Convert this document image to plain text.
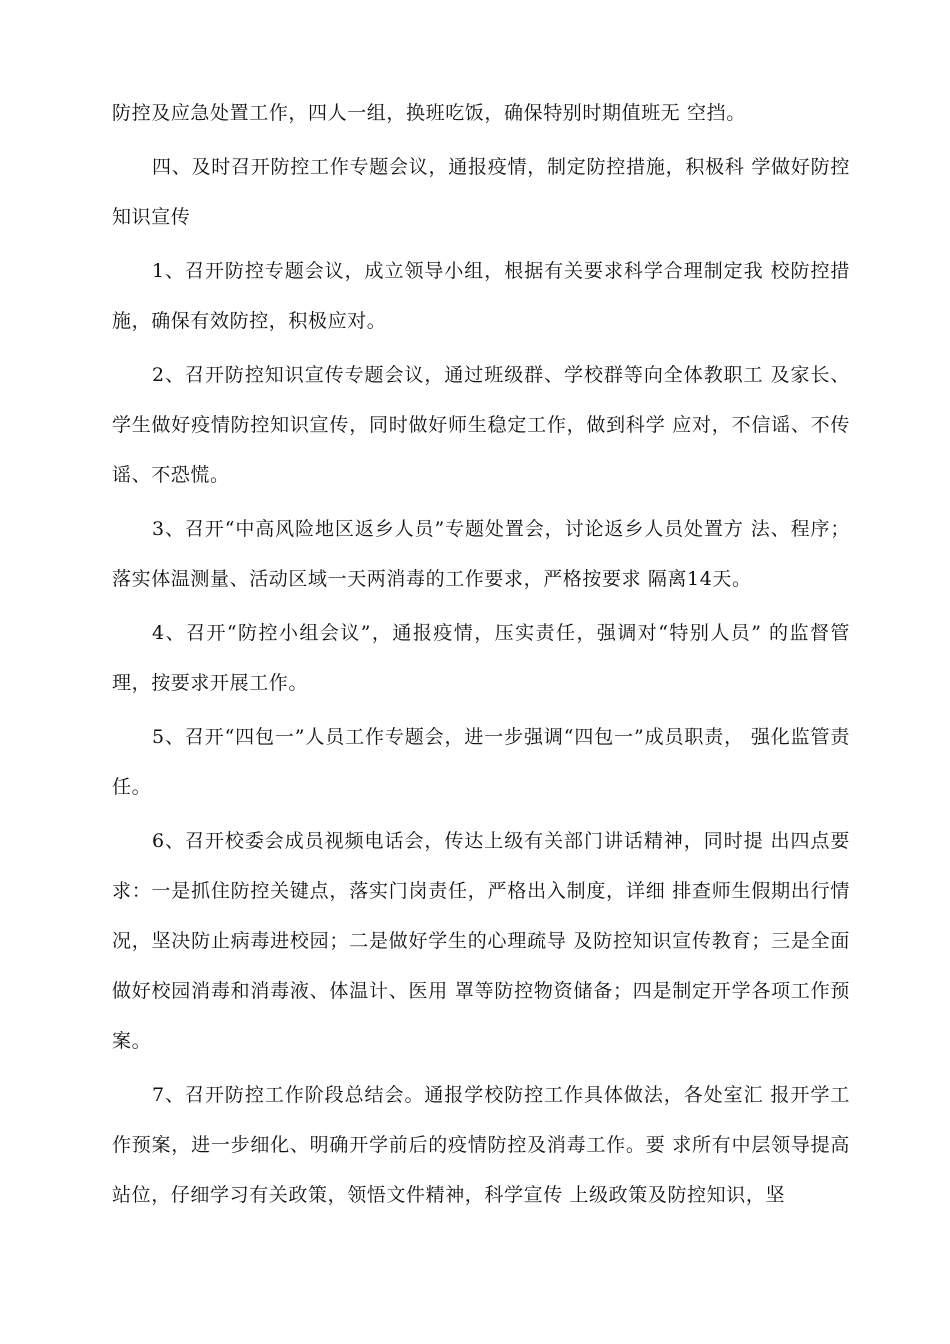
防控及应急处置工作，四人一组，换班吃饭，确保特别时期值班无 空挡。

四、及时召开防控工作专题会议，通报疫情，制定防控措施，积极科 学做好防控知识宣传

1、召开防控专题会议，成立领导小组，根据有关要求科学合理制定我 校防控措施，确保有效防控，积极应对。

2、召开防控知识宣传专题会议，通过班级群、学校群等向全体教职工 及家长、学生做好疫情防控知识宣传，同时做好师生稳定工作，做到科学 应对，不信谣、不传谣、不恐慌。

3、召开“中高风险地区返乡人员”专题处置会，讨论返乡人员处置方 法、程序；落实体温测量、活动区域一天两消毒的工作要求，严格按要求 隔离14天。

4、召开“防控小组会议”，通报疫情，压实责任，强调对“特别人员” 的监督管理，按要求开展工作。

5、召开“四包一”人员工作专题会，进一步强调“四包一”成员职责， 强化监管责任。

6、召开校委会成员视频电话会，传达上级有关部门讲话精神，同时提 出四点要求：一是抓住防控关键点，落实门岗责任，严格出入制度，详细 排查师生假期出行情况，坚决防止病毒进校园；二是做好学生的心理疏导 及防控知识宣传教育；三是全面做好校园消毒和消毒液、体温计、医用 罩等防控物资储备；四是制定开学各项工作预案。

7、召开防控工作阶段总结会。通报学校防控工作具体做法，各处室汇 报开学工作预案，进一步细化、明确开学前后的疫情防控及消毒工作。要 求所有中层领导提高站位，仔细学习有关政策，领悟文件精神，科学宣传 上级政策及防控知识，坚
